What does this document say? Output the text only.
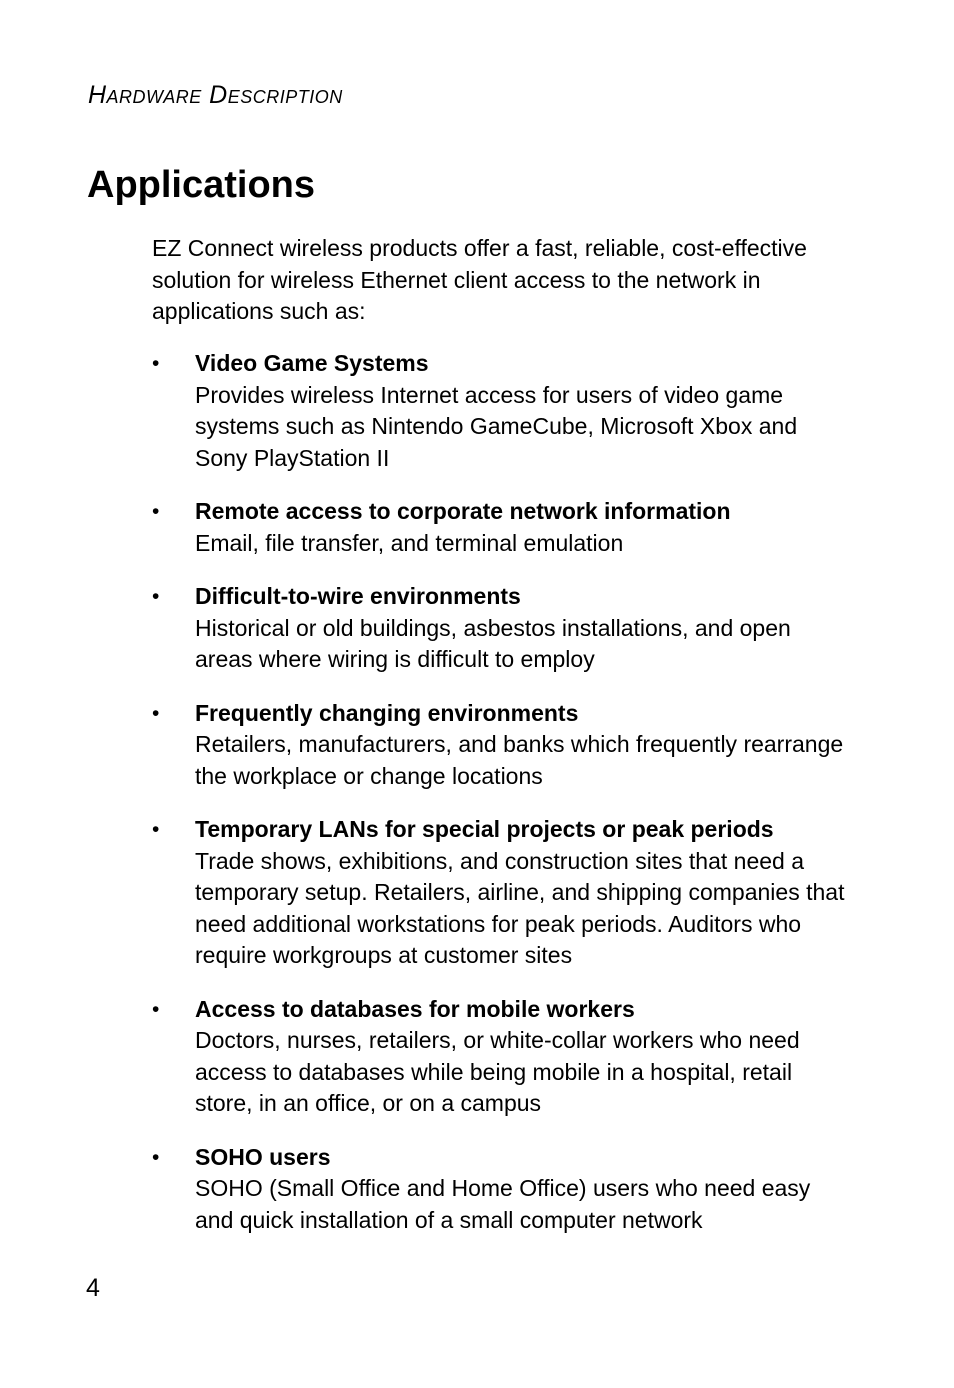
Hardware Description
Applications

EZ Connect wireless products offer a fast, reliable, cost-effective solution for wireless Ethernet client access to the network in applications such as:

• Video Game Systems
Provides wireless Internet access for users of video game systems such as Nintendo GameCube, Microsoft Xbox and Sony PlayStation II
• Remote access to corporate network information
Email, file transfer, and terminal emulation
• Difficult-to-wire environments
Historical or old buildings, asbestos installations, and open areas where wiring is difficult to employ
• Frequently changing environments
Retailers, manufacturers, and banks which frequently rearrange the workplace or change locations
• Temporary LANs for special projects or peak periods
Trade shows, exhibitions, and construction sites that need a temporary setup. Retailers, airline, and shipping companies that need additional workstations for peak periods. Auditors who require workgroups at customer sites
• Access to databases for mobile workers
Doctors, nurses, retailers, or white-collar workers who need access to databases while being mobile in a hospital, retail store, in an office, or on a campus
• SOHO users
SOHO (Small Office and Home Office) users who need easy and quick installation of a small computer network
4
